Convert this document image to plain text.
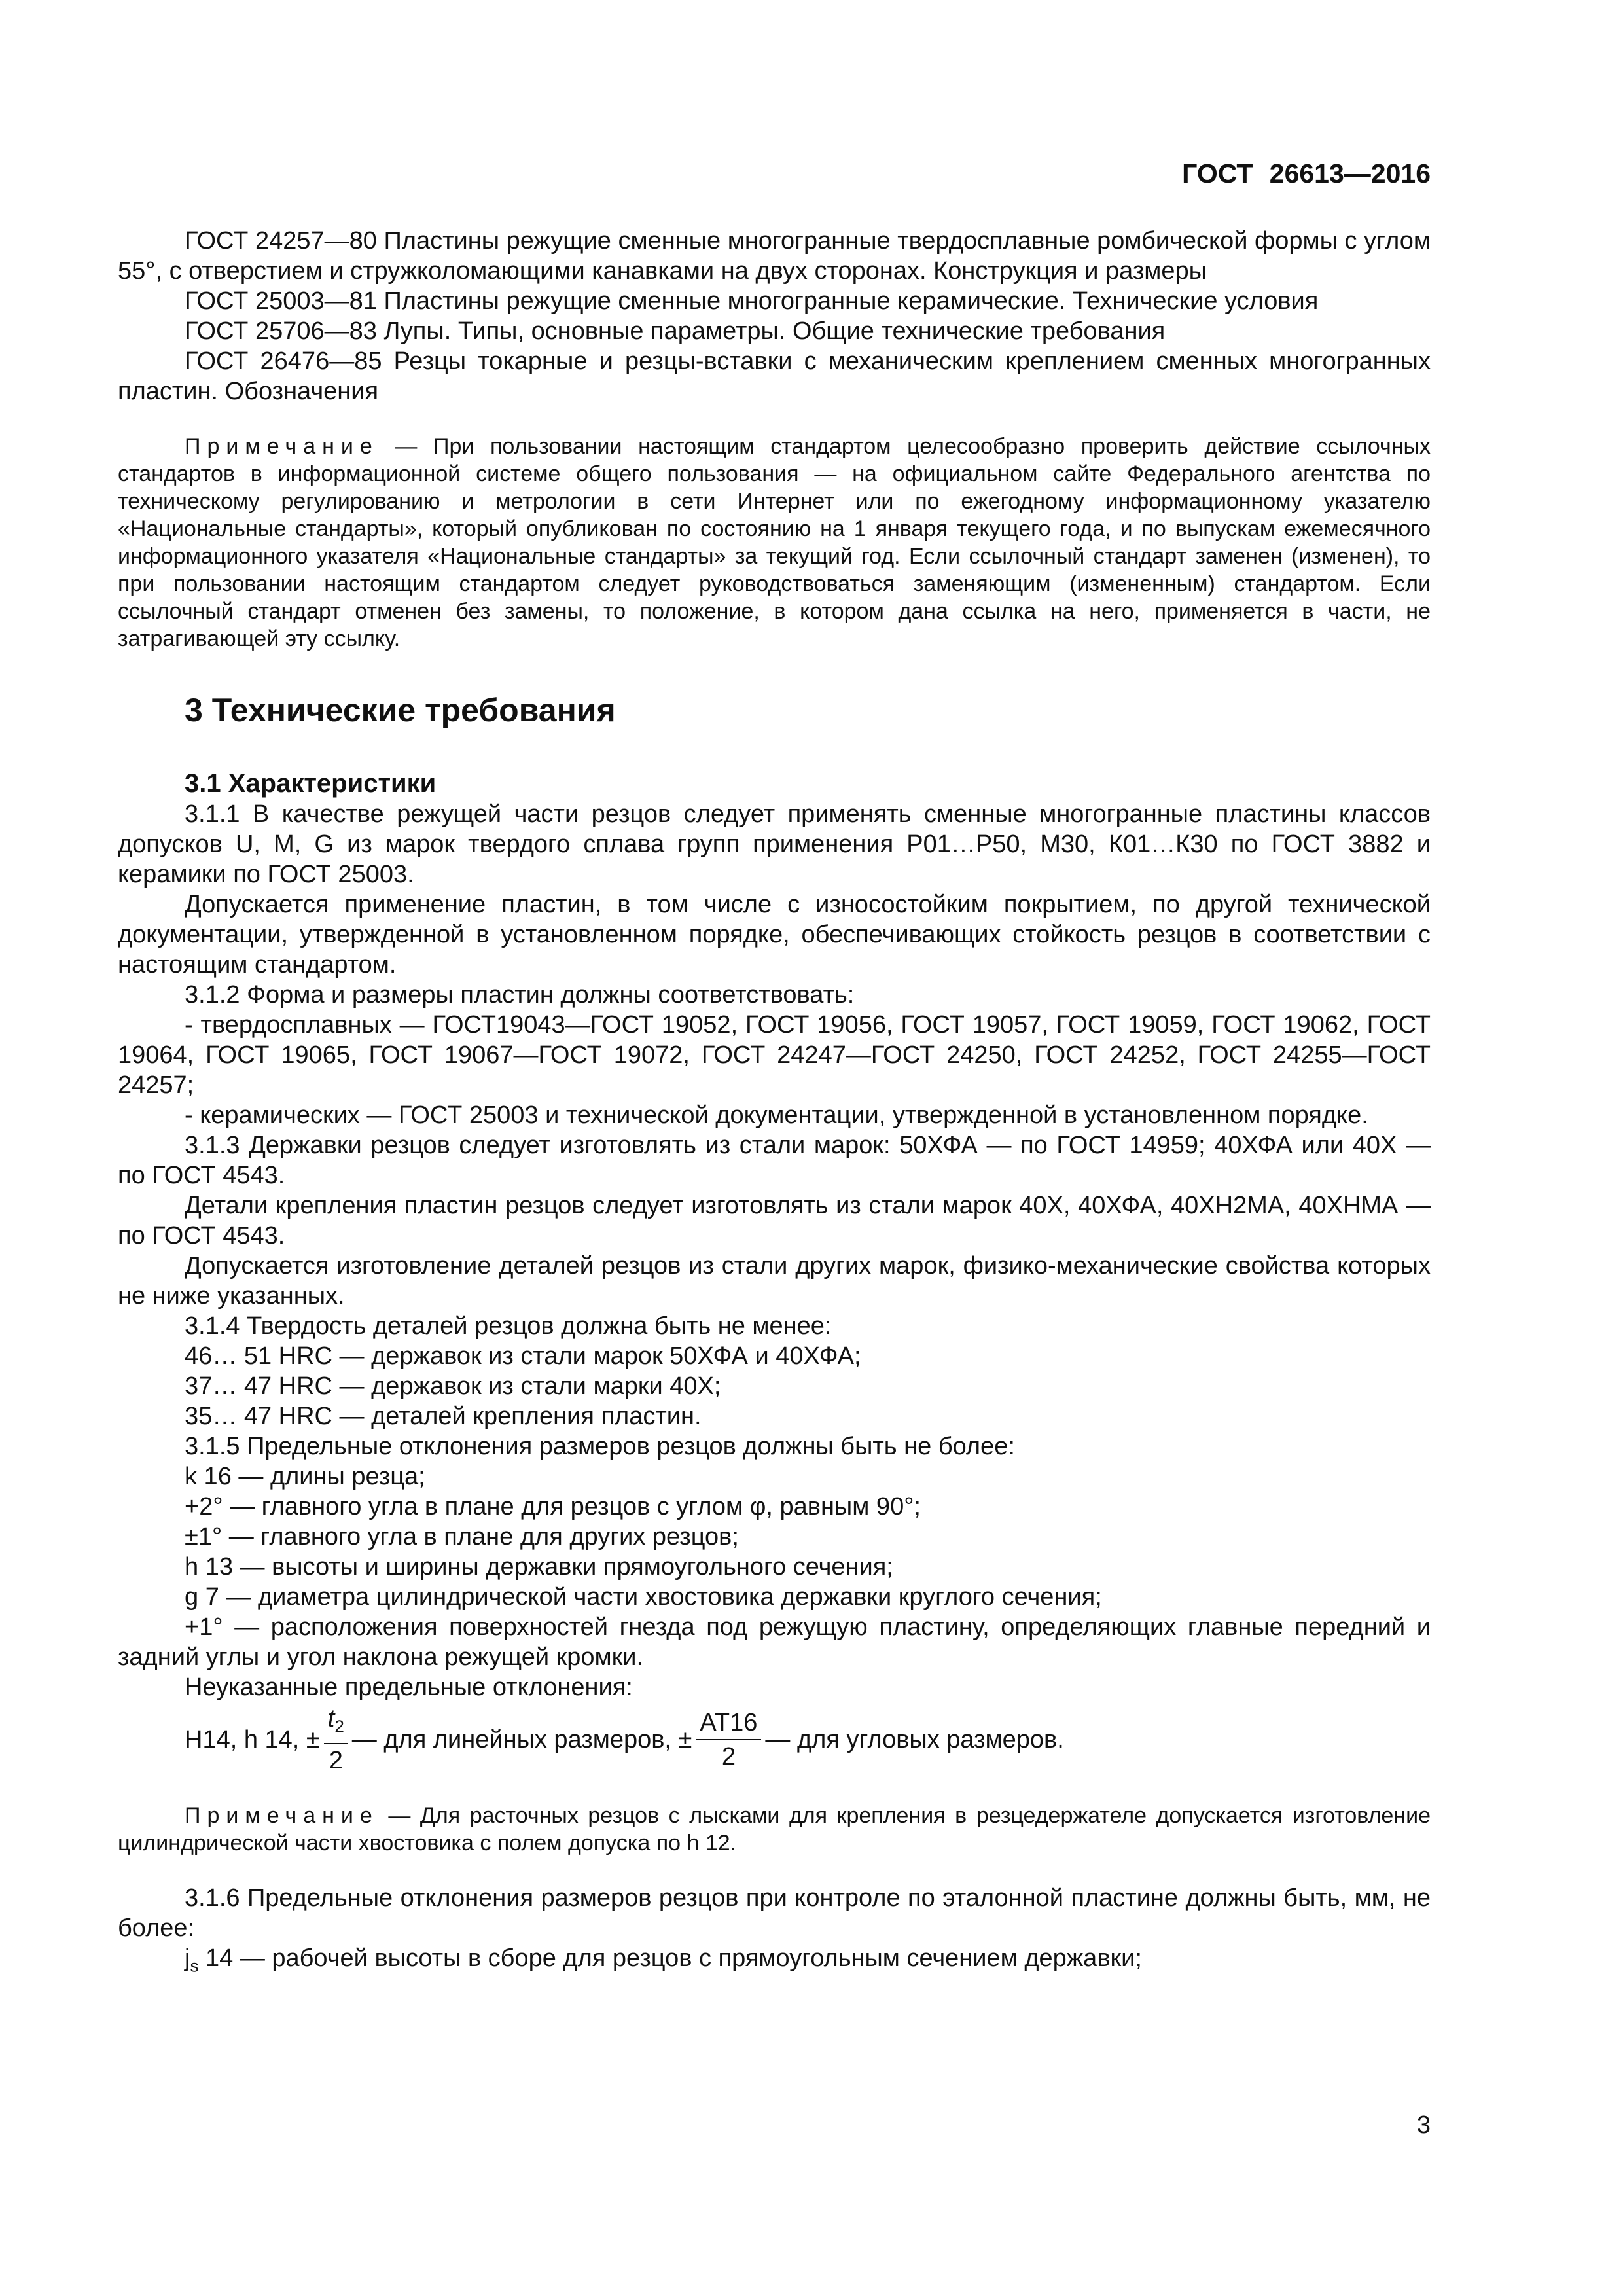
ГОСТ 26613—2016

ГОСТ 24257—80 Пластины режущие сменные многогранные твердосплавные ромбической формы с углом 55°, с отверстием и стружколомающими канавками на двух сторонах. Конструкция и размеры

ГОСТ 25003—81 Пластины режущие сменные многогранные керамические. Технические условия

ГОСТ 25706—83 Лупы. Типы, основные параметры. Общие технические требования

ГОСТ 26476—85 Резцы токарные и резцы-вставки с механическим креплением сменных многогранных пластин. Обозначения

Примечание — При пользовании настоящим стандартом целесообразно проверить действие ссылочных стандартов в информационной системе общего пользования — на официальном сайте Федерального агентства по техническому регулированию и метрологии в сети Интернет или по ежегодному информационному указателю «Национальные стандарты», который опубликован по состоянию на 1 января текущего года, и по выпускам ежемесячного информационного указателя «Национальные стандарты» за текущий год. Если ссылочный стандарт заменен (изменен), то при пользовании настоящим стандартом следует руководствоваться заменяющим (измененным) стандартом. Если ссылочный стандарт отменен без замены, то положение, в котором дана ссылка на него, применяется в части, не затрагивающей эту ссылку.

3 Технические требования

3.1 Характеристики

3.1.1 В качестве режущей части резцов следует применять сменные многогранные пластины классов допусков U, M, G из марок твердого сплава групп применения Р01…Р50, М30, К01…К30 по ГОСТ 3882 и керамики по ГОСТ 25003.

Допускается применение пластин, в том числе с износостойким покрытием, по другой технической документации, утвержденной в установленном порядке, обеспечивающих стойкость резцов в соответствии с настоящим стандартом.

3.1.2 Форма и размеры пластин должны соответствовать:

- твердосплавных — ГОСТ19043—ГОСТ 19052, ГОСТ 19056, ГОСТ 19057, ГОСТ 19059, ГОСТ 19062, ГОСТ 19064, ГОСТ 19065, ГОСТ 19067—ГОСТ 19072, ГОСТ 24247—ГОСТ 24250, ГОСТ 24252, ГОСТ 24255—ГОСТ 24257;

- керамических — ГОСТ 25003 и технической документации, утвержденной в установленном порядке.

3.1.3 Державки резцов следует изготовлять из стали марок: 50ХФА — по ГОСТ 14959; 40ХФА или 40Х — по ГОСТ 4543.

Детали крепления пластин резцов следует изготовлять из стали марок 40Х, 40ХФА, 40ХН2МА, 40ХНМА — по ГОСТ 4543.

Допускается изготовление деталей резцов из стали других марок, физико-механические свойства которых не ниже указанных.

3.1.4 Твердость деталей резцов должна быть не менее:

46… 51 HRC — державок из стали марок 50ХФА и 40ХФА;

37… 47 HRC — державок из стали марки 40Х;

35… 47 HRC — деталей крепления пластин.

3.1.5 Предельные отклонения размеров резцов должны быть не более:

k 16 — длины резца;

+2° — главного угла в плане для резцов с углом φ, равным 90°;

±1° — главного угла в плане для других резцов;

h 13 — высоты и ширины державки прямоугольного сечения;

g 7 — диаметра цилиндрической части хвостовика державки круглого сечения;

+1° — расположения поверхностей гнезда под режущую пластину, определяющих главные передний и задний углы и угол наклона режущей кромки.

Неуказанные предельные отклонения:

H14, h 14, ± $\frac{t_2}{2}$ — для линейных размеров, ± $\frac{AT16}{2}$ — для угловых размеров.

Примечание — Для расточных резцов с лысками для крепления в резцедержателе допускается изготовление цилиндрической части хвостовика с полем допуска по h 12.

3.1.6 Предельные отклонения размеров резцов при контроле по эталонной пластине должны быть, мм, не более:

$j_s$ 14 — рабочей высоты в сборе для резцов с прямоугольным сечением державки;

3
